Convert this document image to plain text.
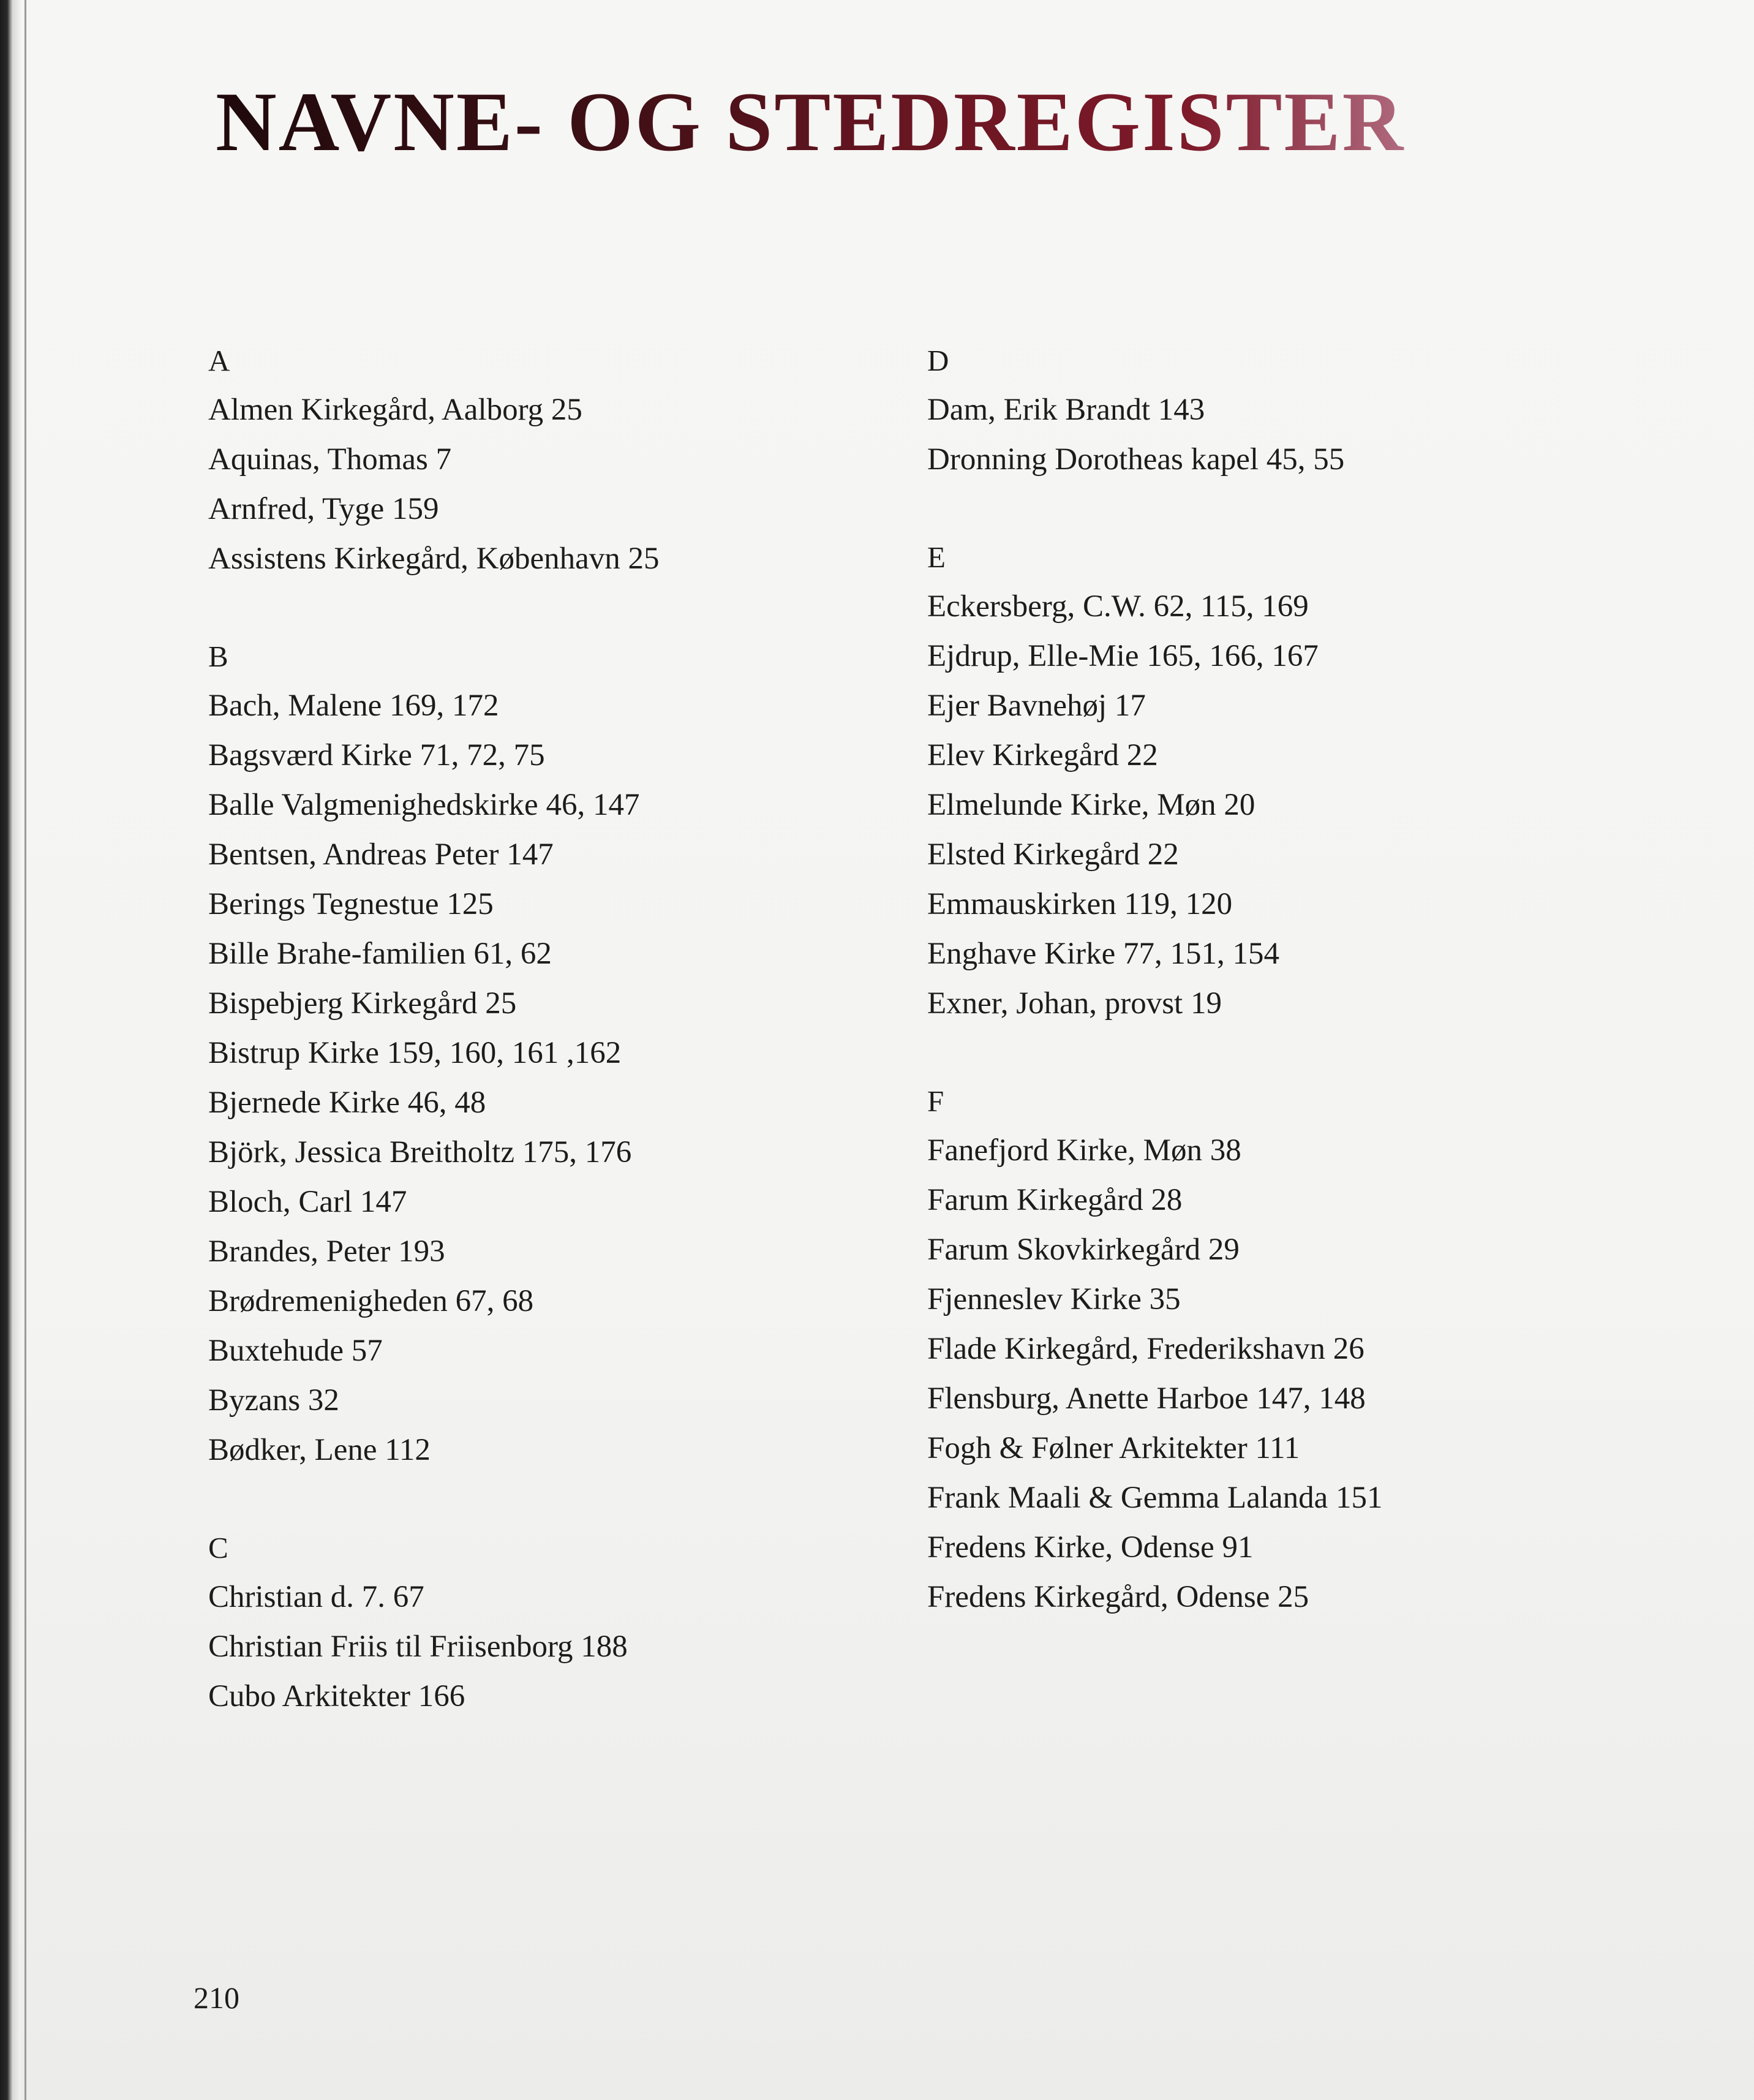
NAVNE- OG STEDREGISTER
A
Almen Kirkegård, Aalborg 25
Aquinas, Thomas 7
Arnfred, Tyge 159
Assistens Kirkegård, København 25
B
Bach, Malene 169, 172
Bagsværd Kirke 71, 72, 75
Balle Valgmenighedskirke 46, 147
Bentsen, Andreas Peter 147
Berings Tegnestue 125
Bille Brahe-familien 61, 62
Bispebjerg Kirkegård 25
Bistrup Kirke 159, 160, 161 ,162
Bjernede Kirke 46, 48
Björk, Jessica Breitholtz 175, 176
Bloch, Carl 147
Brandes, Peter 193
Brødremenigheden 67, 68
Buxtehude 57
Byzans 32
Bødker, Lene 112
C
Christian d. 7. 67
Christian Friis til Friisenborg 188
Cubo Arkitekter 166
D
Dam, Erik Brandt 143
Dronning Dorotheas kapel 45, 55
E
Eckersberg, C.W. 62, 115, 169
Ejdrup, Elle-Mie 165, 166, 167
Ejer Bavnehøj 17
Elev Kirkegård 22
Elmelunde Kirke, Møn 20
Elsted Kirkegård 22
Emmauskirken 119, 120
Enghave Kirke 77, 151, 154
Exner, Johan, provst 19
F
Fanefjord Kirke, Møn 38
Farum Kirkegård 28
Farum Skovkirkegård 29
Fjenneslev Kirke 35
Flade Kirkegård, Frederikshavn 26
Flensburg, Anette Harboe 147, 148
Fogh & Følner Arkitekter 111
Frank Maali & Gemma Lalanda 151
Fredens Kirke, Odense 91
Fredens Kirkegård, Odense 25
210
